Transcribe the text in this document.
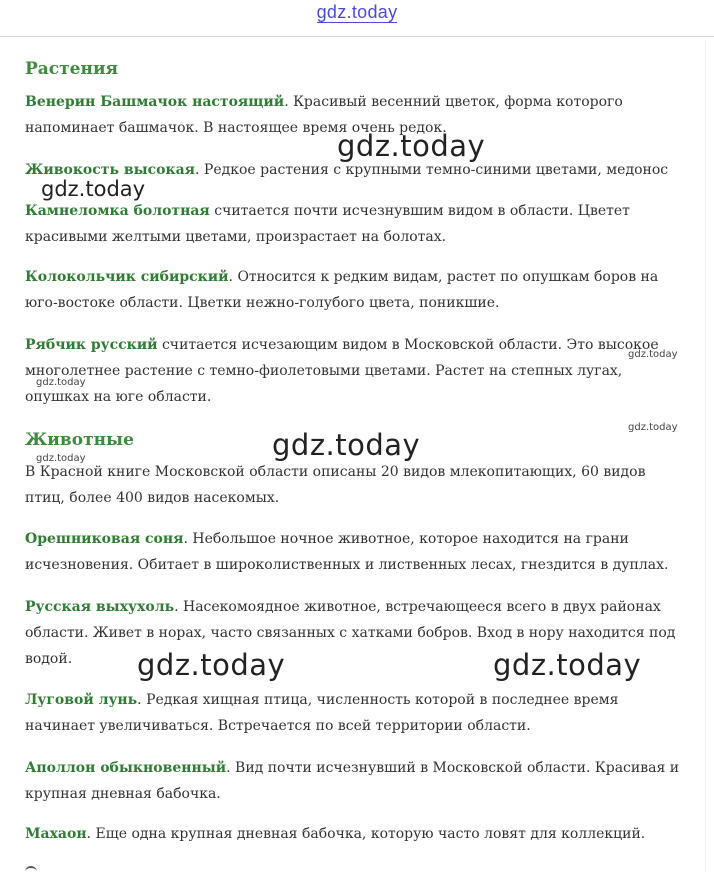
gdz.today
Растения
Венерин Башмачок настоящий. Красивый весенний цветок, форма которого напоминает башмачок. В настоящее время очень редок.
Живокость высокая. Редкое растения с крупными темно-синими цветами, медонос
Камнеломка болотная считается почти исчезнувшим видом в области. Цветет красивыми желтыми цветами, произрастает на болотах.
Колокольчик сибирский. Относится к редким видам, растет по опушкам боров на юго-востоке области. Цветки нежно-голубого цвета, поникшие.
Рябчик русский считается исчезающим видом в Московской области. Это высокое многолетнее растение с темно-фиолетовыми цветами. Растет на степных лугах, опушках на юге области.
Животные
В Красной книге Московской области описаны 20 видов млекопитающих, 60 видов птиц, более 400 видов насекомых.
Орешниковая соня. Небольшое ночное животное, которое находится на грани исчезновения. Обитает в широколиственных и лиственных лесах, гнездится в дуплах.
Русская выхухоль. Насекомоядное животное, встречающееся всего в двух районах области. Живет в норах, часто связанных с хатками бобров. Вход в нору находится под водой.
Луговой лунь. Редкая хищная птица, численность которой в последнее время начинает увеличиваться. Встречается по всей территории области.
Аполлон обыкновенный. Вид почти исчезнувший в Московской области. Красивая и крупная дневная бабочка.
Махаон. Еще одна крупная дневная бабочка, которую часто ловят для коллекций.
gdz.today
gdz.today
gdz.today
gdz.today
gdz.today
gdz.today
gdz.today
gdz.today	gdz.today
